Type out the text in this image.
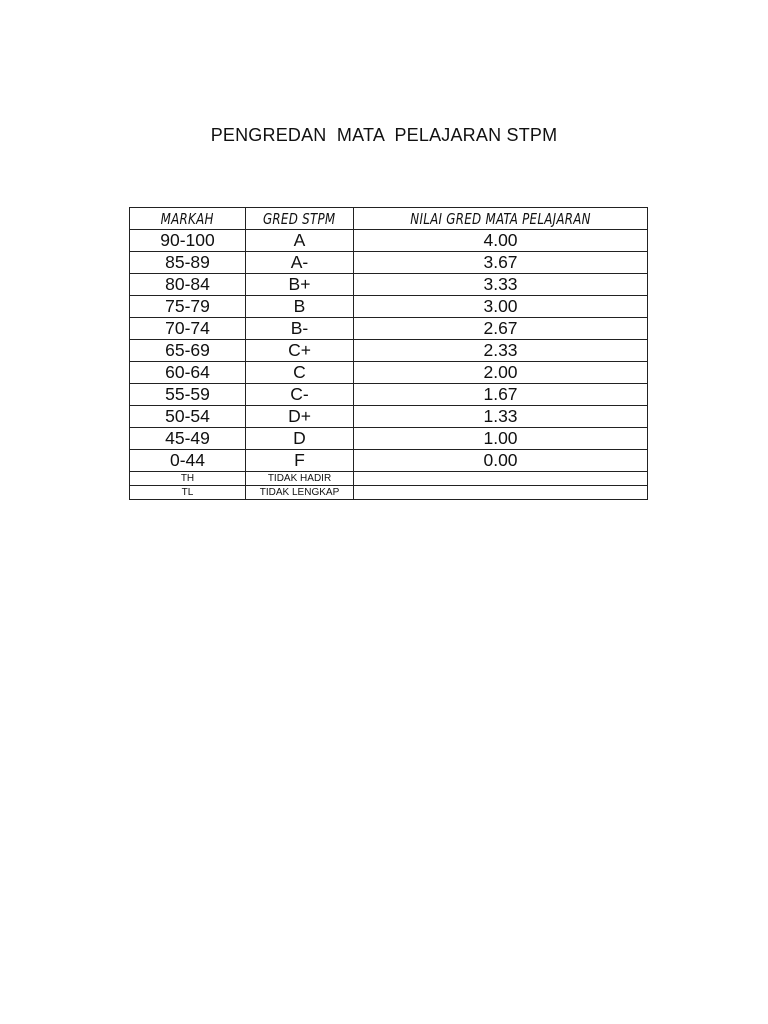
PENGREDAN  MATA  PELAJARAN STPM
MARKAH	GRED STPM	NILAI GRED MATA PELAJARAN
90-100	A	4.00
85-89	A-	3.67
80-84	B+	3.33
75-79	B	3.00
70-74	B-	2.67
65-69	C+	2.33
60-64	C	2.00
55-59	C-	1.67
50-54	D+	1.33
45-49	D	1.00
0-44	F	0.00
TH	TIDAK HADIR	
TL	TIDAK LENGKAP	
